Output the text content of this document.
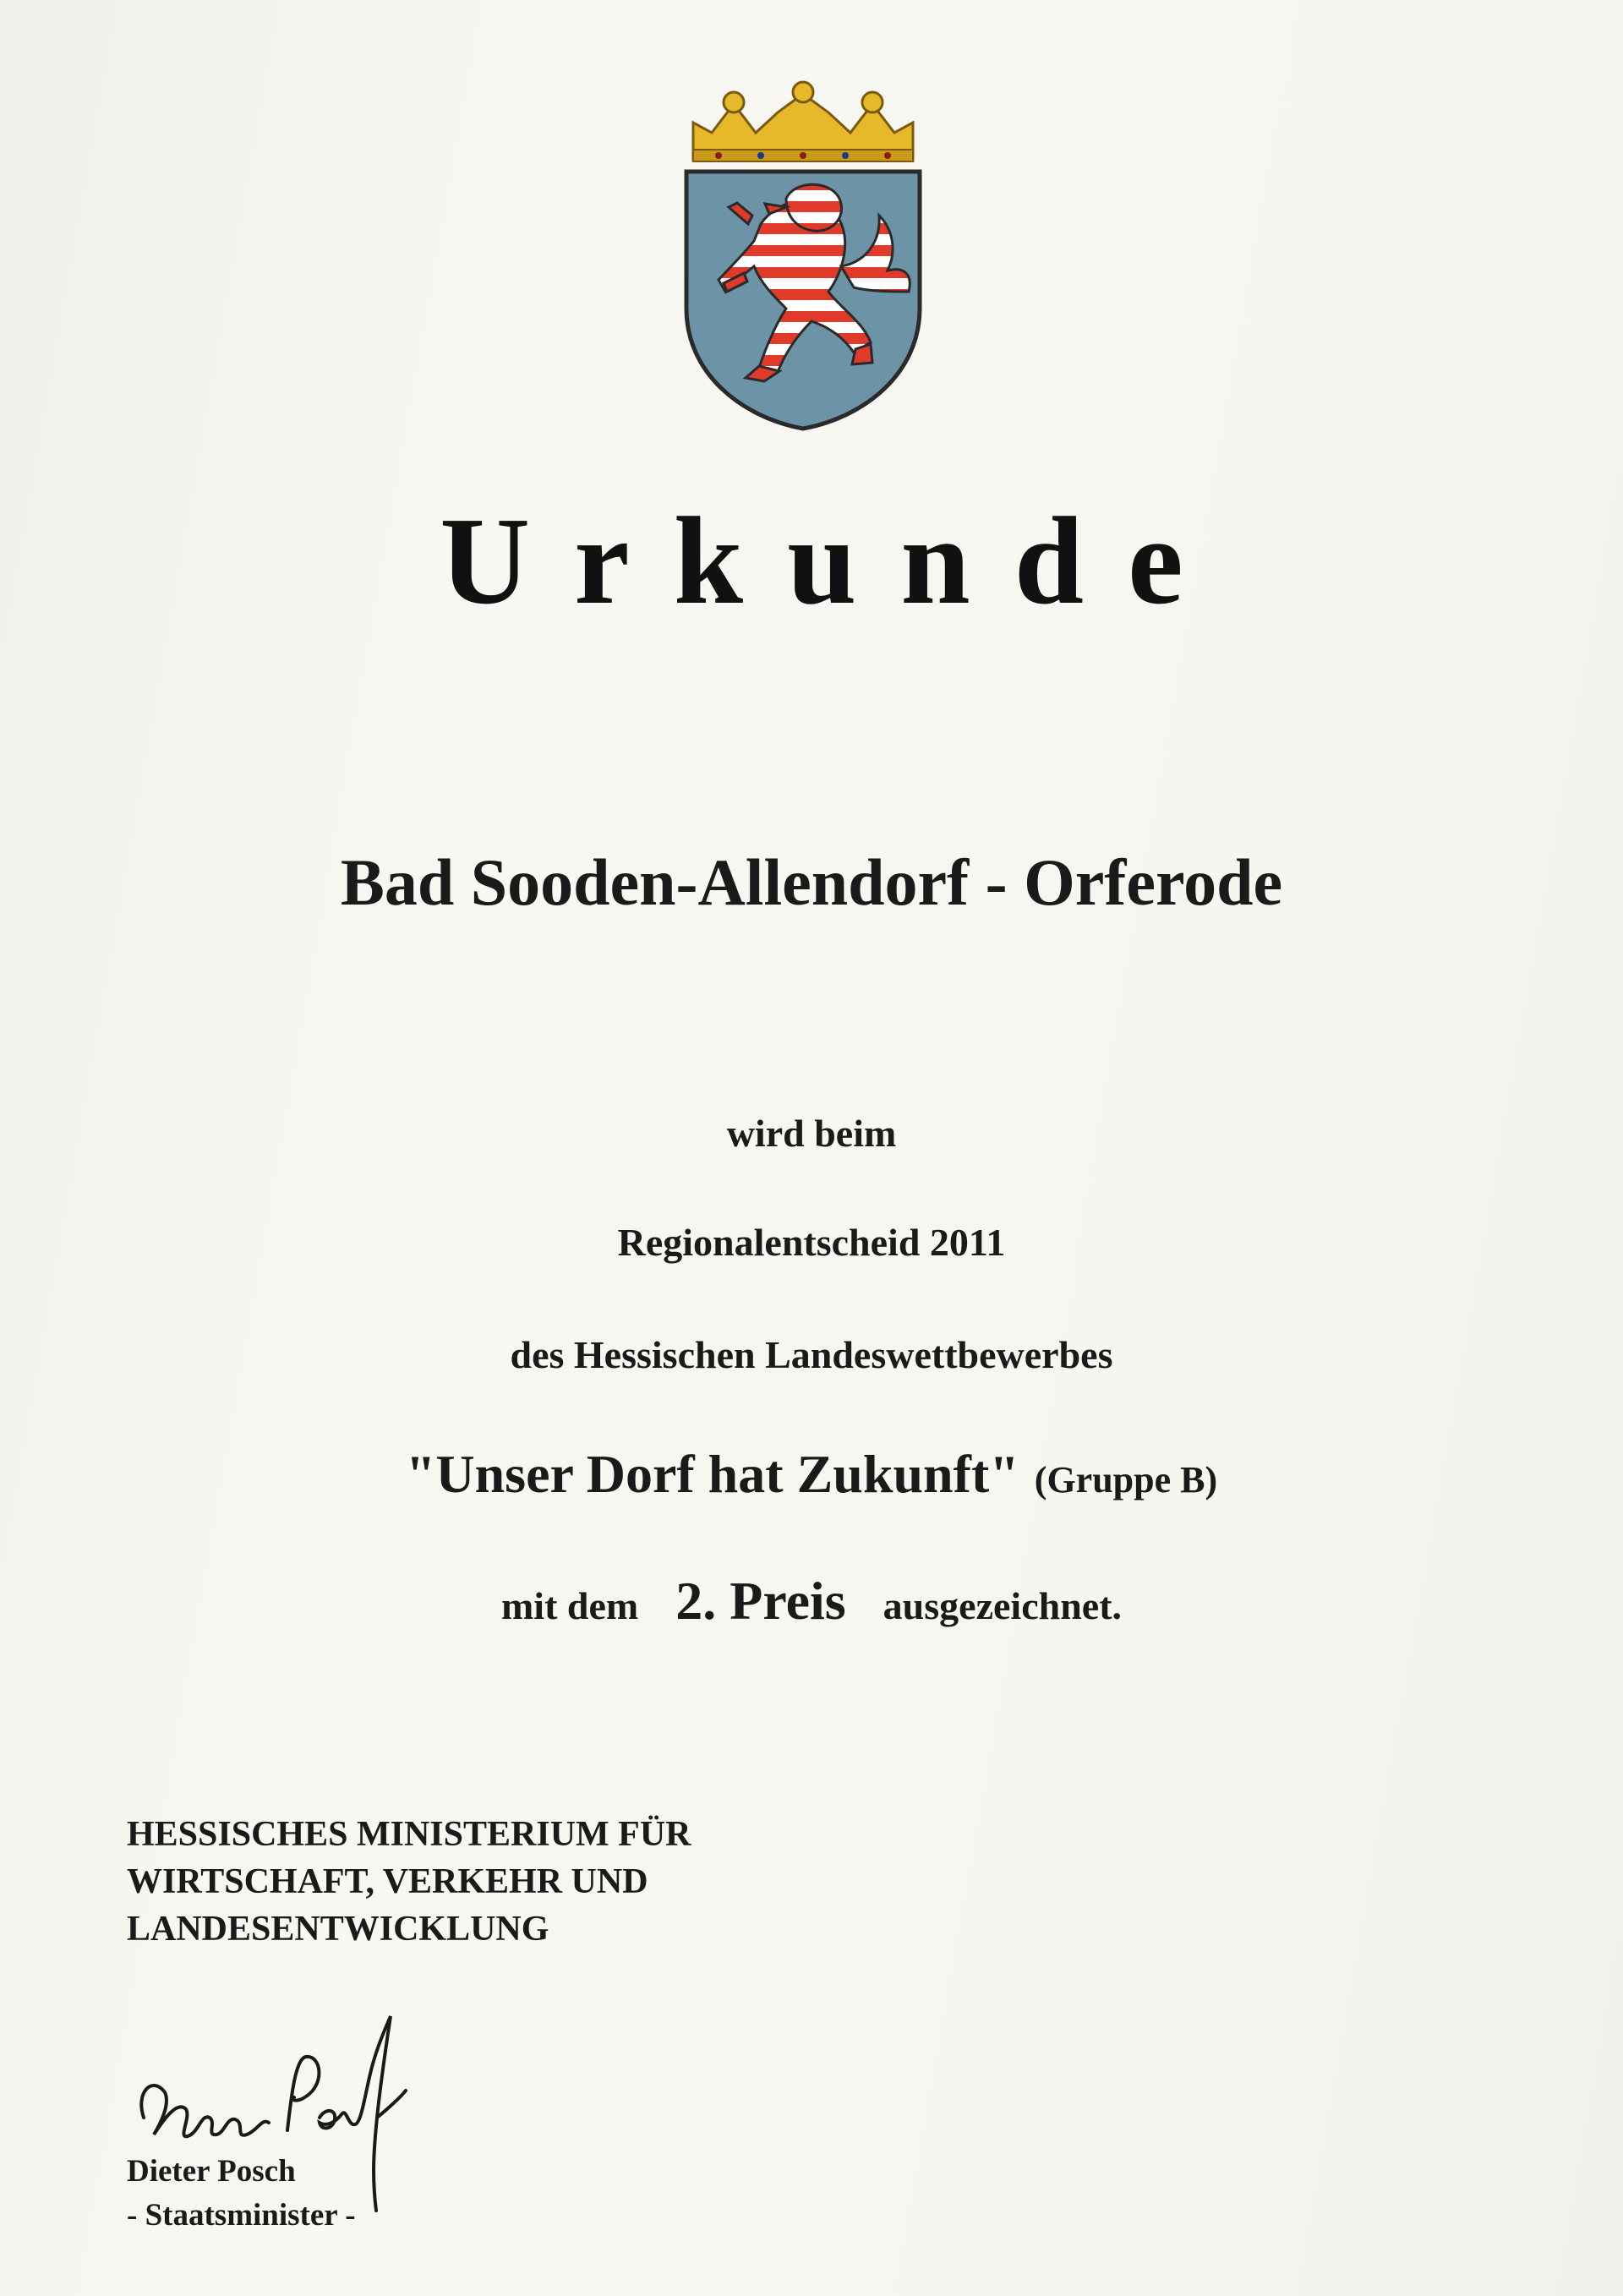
Urkunde
Bad Sooden-Allendorf - Orferode
wird beim
Regionalentscheid 2011
des Hessischen Landeswettbewerbes
"Unser Dorf hat Zukunft" (Gruppe B)
mit dem 2. Preis ausgezeichnet.
HESSISCHES MINISTERIUM FÜR
WIRTSCHAFT, VERKEHR UND
LANDESENTWICKLUNG
Dieter Posch
- Staatsminister -
